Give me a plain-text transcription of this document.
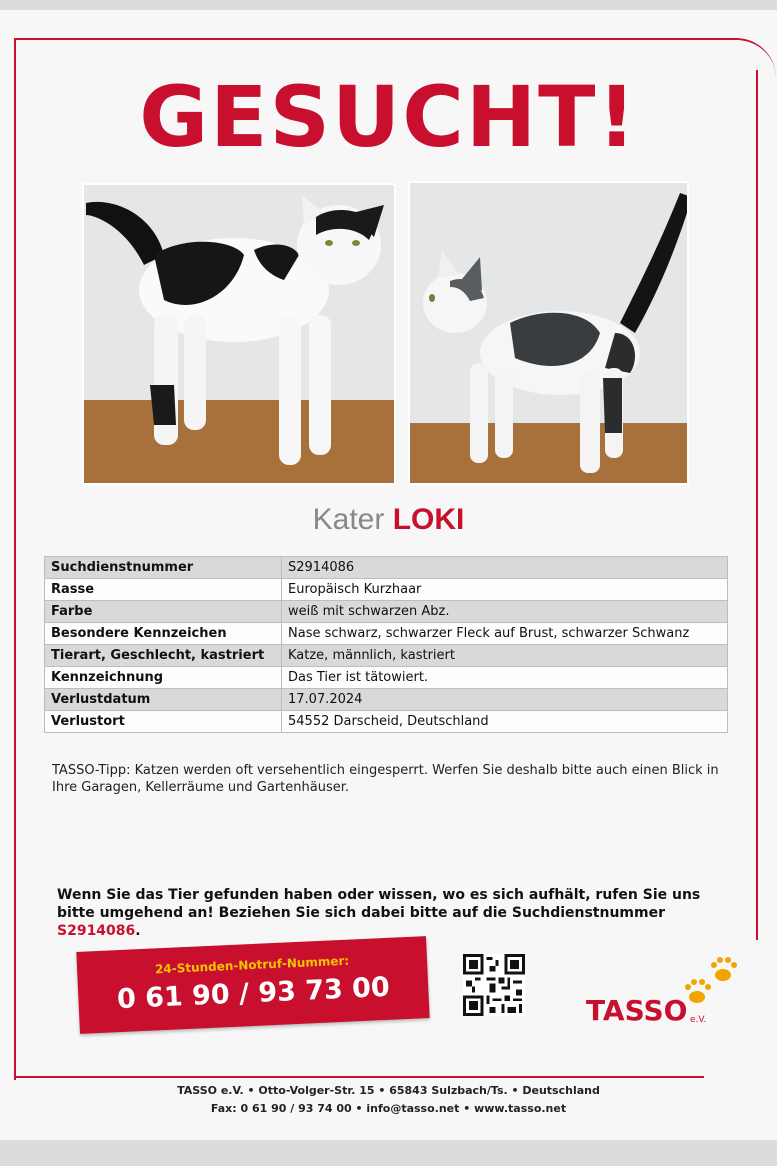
GESUCHT!
Kater LOKI
Suchdienstnummer	S2914086
Rasse	Europäisch Kurzhaar
Farbe	weiß mit schwarzen Abz.
Besondere Kennzeichen	Nase schwarz, schwarzer Fleck auf Brust, schwarzer Schwanz
Tierart, Geschlecht, kastriert	Katze, männlich, kastriert
Kennzeichnung	Das Tier ist tätowiert.
Verlustdatum	17.07.2024
Verlustort	54552 Darscheid, Deutschland
TASSO-Tipp: Katzen werden oft versehentlich eingesperrt. Werfen Sie deshalb bitte auch einen Blick in Ihre Garagen, Kellerräume und Gartenhäuser.
Wenn Sie das Tier gefunden haben oder wissen, wo es sich aufhält, rufen Sie uns bitte umgehend an! Beziehen Sie sich dabei bitte auf die Suchdienstnummer S2914086.
24-Stunden-Notruf-Nummer:
0 61 90 / 93 73 00	TASSO e.V.
TASSO e.V. • Otto-Volger-Str. 15 • 65843 Sulzbach/Ts. • Deutschland
Fax: 0 61 90 / 93 74 00 • info@tasso.net • www.tasso.net
